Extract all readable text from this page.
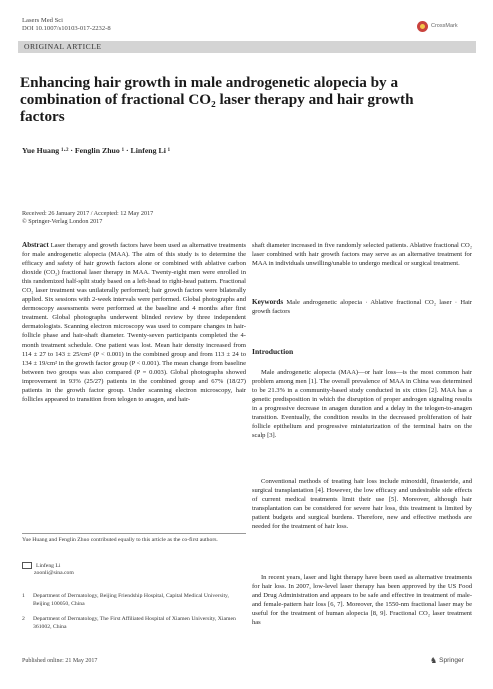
Lasers Med Sci
DOI 10.1007/s10103-017-2232-8	CrossMark
ORIGINAL ARTICLE
Enhancing hair growth in male androgenetic alopecia by a combination of fractional CO₂ laser therapy and hair growth factors
Yue Huang ¹·² · Fenglin Zhuo ¹ · Linfeng Li ¹
Received: 26 January 2017 / Accepted: 12 May 2017
© Springer-Verlag London 2017

Abstract Laser therapy and growth factors have been used as alternative treatments for male androgenetic alopecia (MAA). The aim of this study is to determine the efficacy and safety of hair growth factors alone or combined with ablative carbon dioxide (CO₂) fractional laser therapy in MAA. Twenty-eight men were enrolled in this randomized half-split study based on a left-head to right-head pattern. Fractional CO₂ laser treatment was unilaterally performed; hair growth factors were bilaterally applied. Six sessions with 2-week intervals were performed. Global photographs and dermoscopy assessments were performed at the baseline and 4 months after first treatment. Global photographs underwent blinded review by three independent dermatologists. Scanning electron microscopy was used to compare changes in hair-follicle phase and hair-shaft diameter. Twenty-seven participants completed the 4-month treatment schedule. One patient was lost. Mean hair density increased from 114 ± 27 to 143 ± 25/cm² (P < 0.001) in the combined group and from 113 ± 24 to 134 ± 19/cm² in the growth factor group (P < 0.001). The mean change from baseline between two groups was also compared (P = 0.003). Global photographs showed improvement in 93% (25/27) patients in the combined group and 67% (18/27) patients in the growth factor group. Under scanning electron microscopy, hair follicles appeared to transition from telogen to anagen, and hair-

Yue Huang and Fenglin Zhuo contributed equally to this article as the co-first authors.
Linfeng Li
zoonli@sina.com
1	Department of Dermatology, Beijing Friendship Hospital, Capital Medical University, Beijing 100050, China
2	Department of Dermatology, The First Affiliated Hospital of Xiamen University, Xiamen 361002, China
shaft diameter increased in five randomly selected patients. Ablative fractional CO₂ laser combined with hair growth factors may serve as an alternative treatment for MAA in individuals unwilling/unable to undergo medical or surgical treatment.

Keywords Male androgenetic alopecia · Ablative fractional CO₂ laser · Hair growth factors

Introduction

Male androgenetic alopecia (MAA)—or hair loss—is the most common hair problem among men [1]. The overall prevalence of MAA in China was determined to be 21.3% in a community-based study conducted in six cities [2]. MAA has a genetic predisposition in which the disruption of proper androgen signaling results in a progressive decrease in anagen duration and a delay in the telogen-to-anagen transition. Eventually, the condition results in the decreased proliferation of hair follicle epithelium and progressive miniaturization of the terminal hairs on the scalp [3].

Conventional methods of treating hair loss include minoxidil, finasteride, and surgical transplantation [4]. However, the low efficacy and undesirable side effects of current medical treatments limit their use [5]. Moreover, although hair transplantation can be considered for severe hair loss, this treatment is limited by patient budgets and surgical burdens. Therefore, new and effective methods are needed for the treatment of hair loss.

In recent years, laser and light therapy have been used as alternative treatments for hair loss. In 2007, low-level laser therapy has been approved by the US Food and Drug Administration and appears to be safe and effective in treatment of male- and female-pattern hair loss [6, 7]. Moreover, the 1550-nm fractional laser may be useful for the treatment of human alopecia [8, 9]. Fractional CO₂ laser treatment has

Published online: 21 May 2017	♞ Springer
